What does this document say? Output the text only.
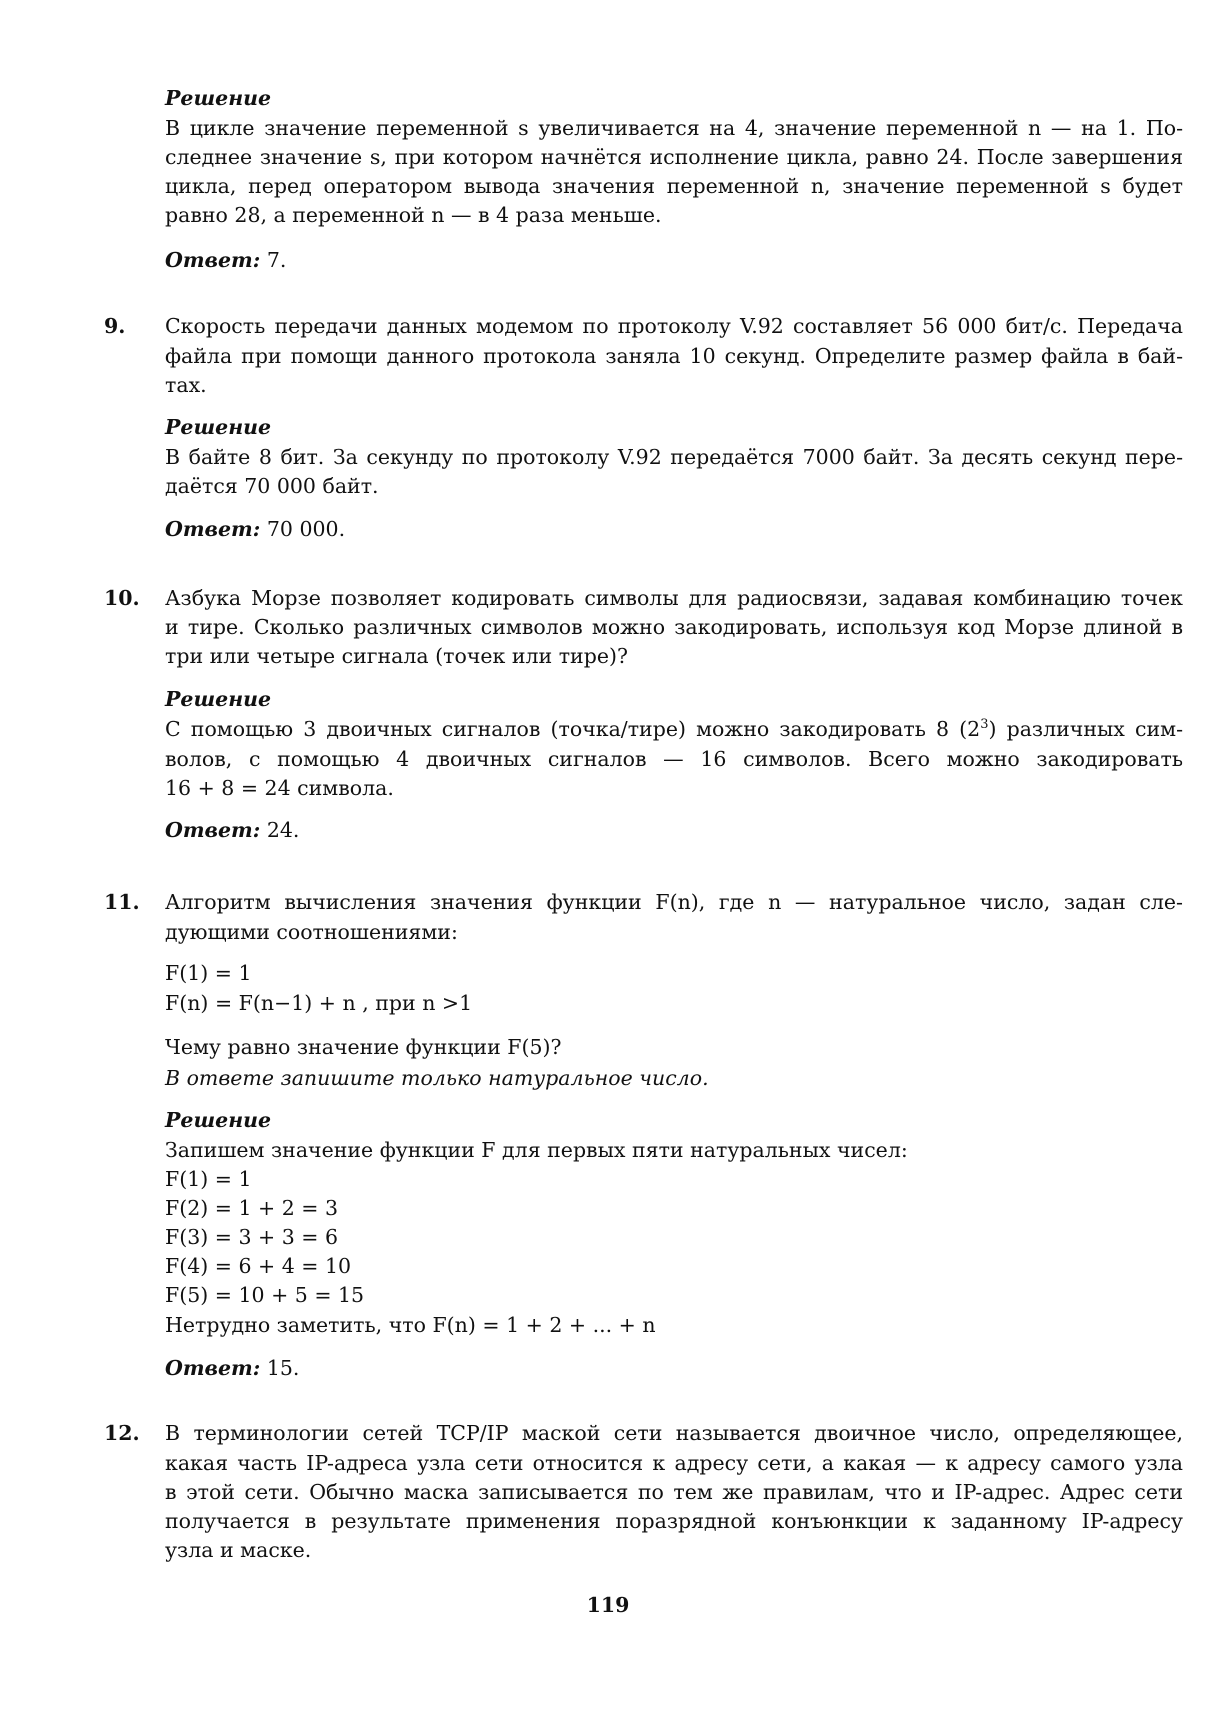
Решение
В цикле значение переменной s увеличивается на 4, значение переменной n — на 1. По-
следнее значение s, при котором начнётся исполнение цикла, равно 24. После завершения
цикла, перед оператором вывода значения переменной n, значение переменной s будет
равно 28, а переменной n — в 4 раза меньше.
Ответ: 7.
9. Скорость передачи данных модемом по протоколу V.92 составляет 56 000 бит/с. Передача
файла при помощи данного протокола заняла 10 секунд. Определите размер файла в бай-
тах.
Решение
В байте 8 бит. За секунду по протоколу V.92 передаётся 7000 байт. За десять секунд пере-
даётся 70 000 байт.
Ответ: 70 000.
10. Азбука Морзе позволяет кодировать символы для радиосвязи, задавая комбинацию точек
и тире. Сколько различных символов можно закодировать, используя код Морзе длиной в
три или четыре сигнала (точек или тире)?
Решение
С помощью 3 двоичных сигналов (точка/тире) можно закодировать 8 $(2^3)$ различных сим-
волов, с помощью 4 двоичных сигналов — 16 символов. Всего можно закодировать
16 + 8 = 24 символа.
Ответ: 24.
11. Алгоритм вычисления значения функции F(n), где n — натуральное число, задан сле-
дующими соотношениями:
F(1) = 1
F(n) = F(n−1) + n , при n >1
Чему равно значение функции F(5)?
В ответе запишите только натуральное число.
Решение
Запишем значение функции F для первых пяти натуральных чисел:
F(1) = 1
F(2) = 1 + 2 = 3
F(3) = 3 + 3 = 6
F(4) = 6 + 4 = 10
F(5) = 10 + 5 = 15
Нетрудно заметить, что F(n) = 1 + 2 + ... + n
Ответ: 15.
12. В терминологии сетей TCP/IP маской сети называется двоичное число, определяющее,
какая часть IP-адреса узла сети относится к адресу сети, а какая — к адресу самого узла
в этой сети. Обычно маска записывается по тем же правилам, что и IP-адрес. Адрес сети
получается в результате применения поразрядной конъюнкции к заданному IP-адресу
узла и маске.
119
